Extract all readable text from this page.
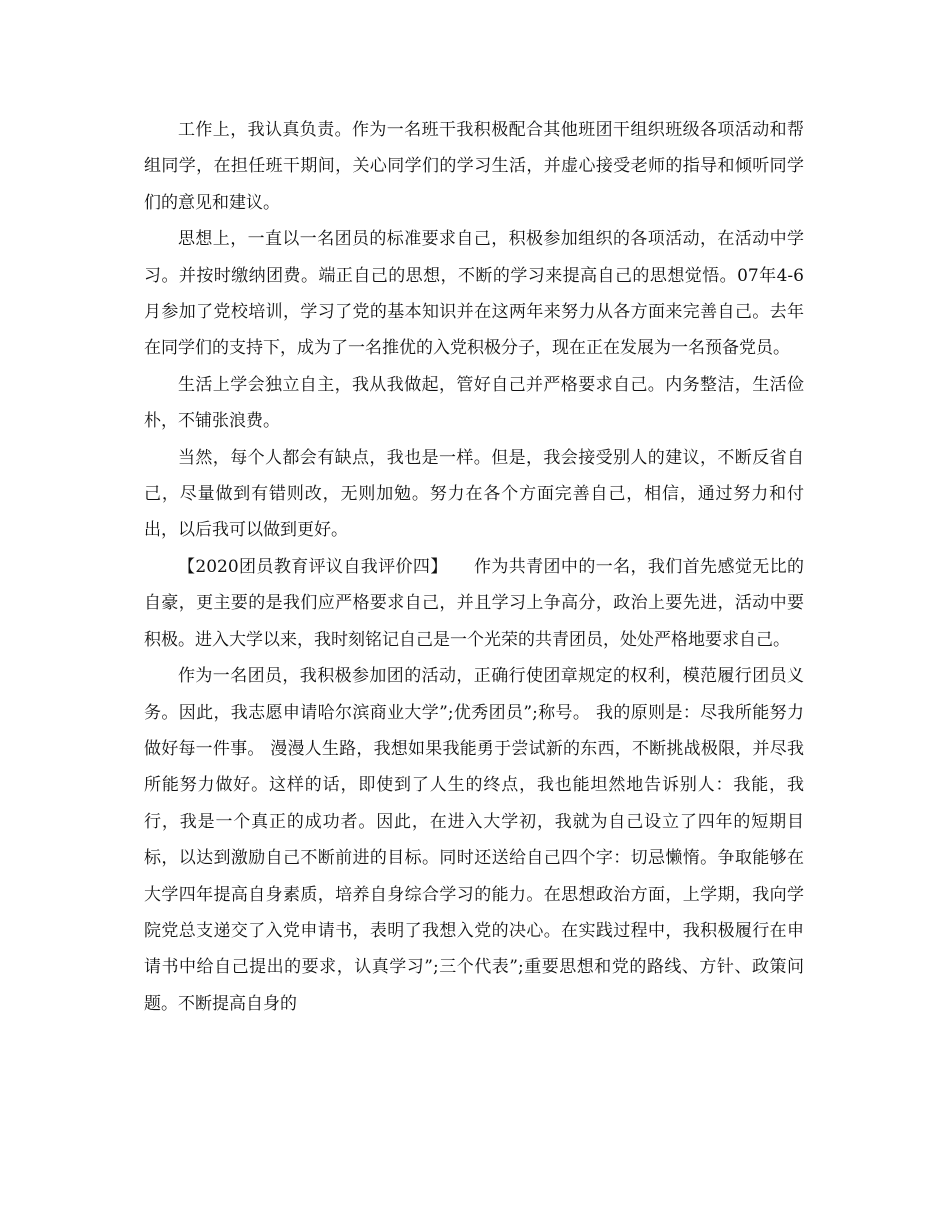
工作上，我认真负责。作为一名班干我积极配合其他班团干组织班级各项活动和帮组同学，在担任班干期间，关心同学们的学习生活，并虚心接受老师的指导和倾听同学们的意见和建议。

思想上，一直以一名团员的标准要求自己，积极参加组织的各项活动，在活动中学习。并按时缴纳团费。端正自己的思想，不断的学习来提高自己的思想觉悟。07年4-6月参加了党校培训，学习了党的基本知识并在这两年来努力从各方面来完善自己。去年在同学们的支持下，成为了一名推优的入党积极分子，现在正在发展为一名预备党员。

生活上学会独立自主，我从我做起，管好自己并严格要求自己。内务整洁，生活俭朴，不铺张浪费。

当然，每个人都会有缺点，我也是一样。但是，我会接受别人的建议，不断反省自己，尽量做到有错则改，无则加勉。努力在各个方面完善自己，相信，通过努力和付出，以后我可以做到更好。

【2020团员教育评议自我评价四】　　作为共青团中的一名，我们首先感觉无比的自豪，更主要的是我们应严格要求自己，并且学习上争高分，政治上要先进，活动中要积极。进入大学以来，我时刻铭记自己是一个光荣的共青团员，处处严格地要求自己。

作为一名团员，我积极参加团的活动，正确行使团章规定的权利，模范履行团员义务。因此，我志愿申请哈尔滨商业大学”;优秀团员”;称号。 我的原则是：尽我所能努力做好每一件事。 漫漫人生路，我想如果我能勇于尝试新的东西，不断挑战极限，并尽我所能努力做好。这样的话，即使到了人生的终点，我也能坦然地告诉别人：我能，我行，我是一个真正的成功者。因此，在进入大学初，我就为自己设立了四年的短期目标，以达到激励自己不断前进的目标。同时还送给自己四个字：切忌懒惰。争取能够在大学四年提高自身素质，培养自身综合学习的能力。在思想政治方面，上学期，我向学院党总支递交了入党申请书，表明了我想入党的决心。在实践过程中，我积极履行在申请书中给自己提出的要求，认真学习”;三个代表”;重要思想和党的路线、方针、政策问题。不断提高自身的
